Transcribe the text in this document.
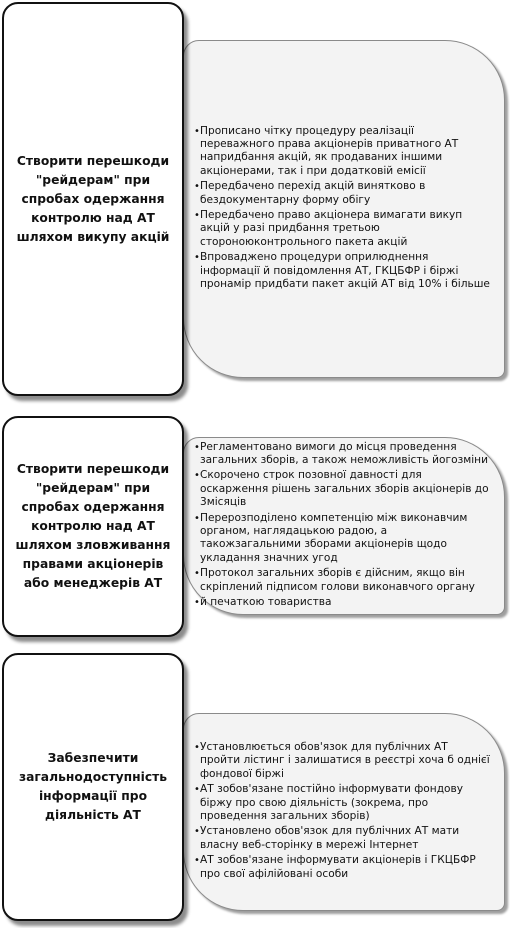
• Прописано чітку процедуру реалізації переважного права акціонерів приватного АТ напридбання акцій, як продаваних іншими акціонерами, так і при додатковій емісії
• Передбачено перехід акцій винятково в бездокументарну форму обігу
• Передбачено право акціонера вимагати викуп акцій у разі придбання третьою стороноюконтрольного пакета акцій
• Впроваджено процедури оприлюднення інформації й повідомлення АТ, ГКЦБФР і біржі пронамір придбати пакет акцій АТ від 10% і більше
Створити перешкоди "рейдерам" при спробах одержання контролю над АТ шляхом викупу акцій
• Регламентовано вимоги до місця проведення загальних зборів, а також неможливість йогозміни
• Скорочено строк позовної давності для оскарження рішень загальних зборів акціонерів до 3місяців
• Перерозподілено компетенцію між виконавчим органом, наглядацькою радою, а такожзагальними зборами акціонерів щодо укладання значних угод
• Протокол загальних зборів є дійсним, якщо він скріплений підписом голови виконавчого органу
• й печаткою товариства
Створити перешкоди "рейдерам" при спробах одержання контролю над АТ шляхом зловживання правами акціонерів або менеджерів АТ
• Установлюється обов'язок для публічних АТ пройти лістинг і залишатися в реєстрі хоча б однієї фондової біржі
• АТ зобов'язане постійно інформувати фондову біржу про свою діяльність (зокрема, про проведення загальних зборів)
• Установлено обов'язок для публічних АТ мати власну веб-сторінку в мережі Інтернет
• АТ зобов'язане інформувати акціонерів і ГКЦБФР про свої афілійовані особи
Забезпечити загальнодоступність інформації про діяльність АТ
